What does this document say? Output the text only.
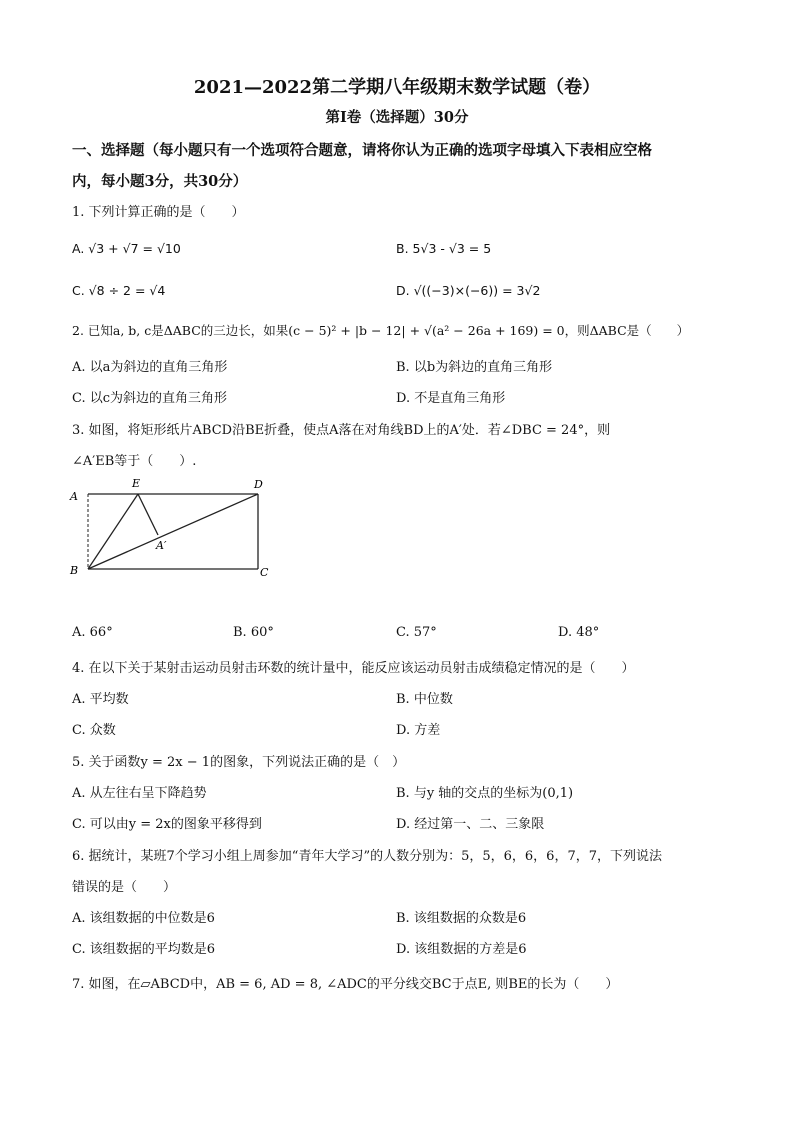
2021—2022第二学期八年级期末数学试题（卷）
第Ⅰ卷（选择题）30分
一、选择题（每小题只有一个选项符合题意，请将你认为正确的选项字母填入下表相应空格
内，每小题3分，共30分）
1. 下列计算正确的是（　　）
A. √3 + √7 = √10	B. 5√3 - √3 = 5
C. √8 ÷ 2 = √4	D. √((−3)×(−6)) = 3√2
2. 已知a, b, c是ΔABC的三边长，如果(c − 5)² + |b − 12| + √(a² − 26a + 169) = 0，则ΔABC是（　　）
A. 以a为斜边的直角三角形	B. 以b为斜边的直角三角形
C. 以c为斜边的直角三角形	D. 不是直角三角形
3. 如图，将矩形纸片ABCD沿BE折叠，使点A落在对角线BD上的A′处．若∠DBC = 24°，则
∠A′EB等于（　　）.
A
E	D
A′
B	C
A. 66°	B. 60°	C. 57°	D. 48°
4. 在以下关于某射击运动员射击环数的统计量中，能反应该运动员射击成绩稳定情况的是（　　）
A. 平均数	B. 中位数
C. 众数	D. 方差
5. 关于函数y = 2x − 1的图象，下列说法正确的是（　）
A. 从左往右呈下降趋势	B. 与y 轴的交点的坐标为(0,1)
C. 可以由y = 2x的图象平移得到	D. 经过第一、二、三象限
6. 据统计，某班7个学习小组上周参加“青年大学习”的人数分别为：5，5，6，6，6，7，7，下列说法
错误的是（　　）
A. 该组数据的中位数是6	B. 该组数据的众数是6
C. 该组数据的平均数是6	D. 该组数据的方差是6
7. 如图，在▱ABCD中，AB = 6, AD = 8, ∠ADC的平分线交BC于点E, 则BE的长为（　　）
